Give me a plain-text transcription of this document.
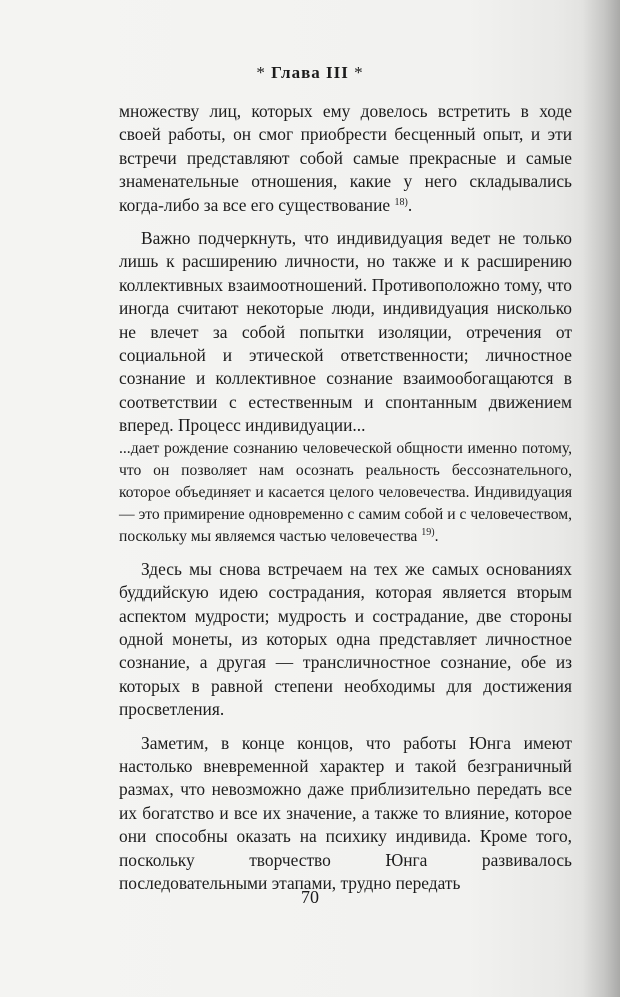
* Глава III *

множеству лиц, которых ему довелось встретить в ходе своей работы, он смог приобрести бесценный опыт, и эти встречи представляют собой самые прекрасные и самые знаменательные отношения, какие у него складывались когда-либо за все его существование $^{18)}$.

Важно подчеркнуть, что индивидуация ведет не только лишь к расширению личности, но также и к расширению коллективных взаимоотношений. Противоположно тому, что иногда считают некоторые люди, индивидуация нисколько не влечет за собой попытки изоляции, отречения от социальной и этической ответственности; личностное сознание и коллективное сознание взаимообогащаются в соответствии с естественным и спонтанным движением вперед. Процесс индивидуации...

...дает рождение сознанию человеческой общности именно потому, что он позволяет нам осознать реальность бессознательного, которое объединяет и касается целого человечества. Индивидуация — это примирение одновременно с самим собой и с человечеством, поскольку мы являемся частью человечества $^{19)}$.

Здесь мы снова встречаем на тех же самых основаниях буддийскую идею сострадания, которая является вторым аспектом мудрости; мудрость и сострадание, две стороны одной монеты, из которых одна представляет личностное сознание, а другая — трансличностное сознание, обе из которых в равной степени необходимы для достижения просветления.

Заметим, в конце концов, что работы Юнга имеют настолько вневременной характер и такой безграничный размах, что невозможно даже приблизительно передать все их богатство и все их значение, а также то влияние, которое они способны оказать на психику индивида. Кроме того, поскольку творчество Юнга развивалось последовательными этапами, трудно передать

70
